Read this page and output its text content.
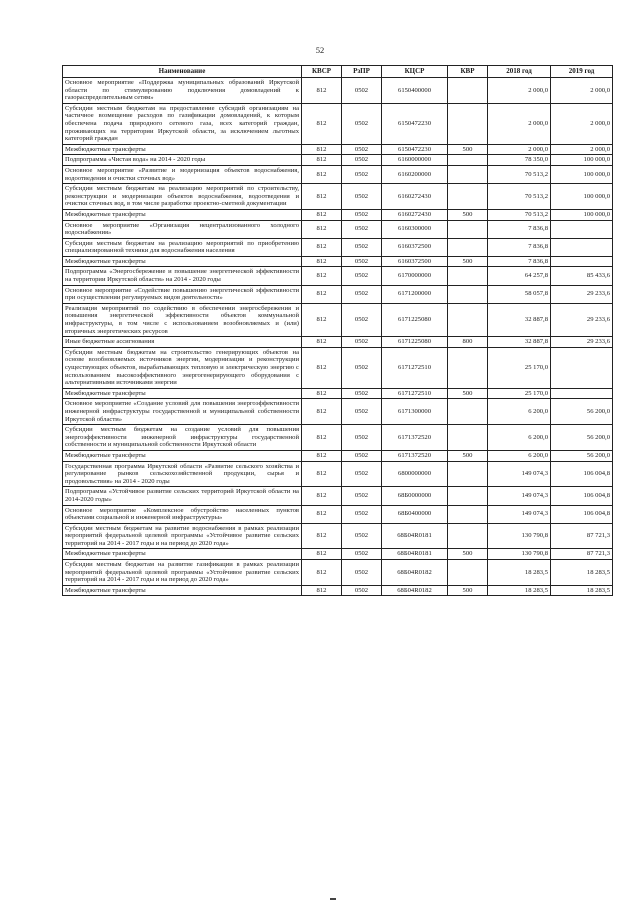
52
Наименование	КВСР	РзПР	КЦСР	КВР	2018 год	2019 год
Основное мероприятие «Поддержка муниципальных образований Иркутской области по стимулированию подключения домовладений к газораспределительным сетям»	812	0502	6150400000		2 000,0	2 000,0
Субсидии местным бюджетам на предоставление субсидий организациям на частичное возмещение расходов по газификации домовладений, к которым обеспечена подача природного сетевого газа, всех категорий граждан, проживающих на территории Иркутской области, за исключением льготных категорий граждан	812	0502	6150472230		2 000,0	2 000,0
Межбюджетные трансферты	812	0502	6150472230	500	2 000,0	2 000,0
Подпрограмма «Чистая вода» на 2014 - 2020 годы	812	0502	6160000000		78 350,0	100 000,0
Основное мероприятие «Развитие и модернизация объектов водоснабжения, водоотведения и очистки сточных вод»	812	0502	6160200000		70 513,2	100 000,0
Субсидии местным бюджетам на реализацию мероприятий по строительству, реконструкции и модернизации объектов водоснабжения, водоотведения и очистки сточных вод, в том числе разработке проектно-сметной документации	812	0502	6160272430		70 513,2	100 000,0
Межбюджетные трансферты	812	0502	6160272430	500	70 513,2	100 000,0
Основное мероприятие «Организация нецентрализованного холодного водоснабжения»	812	0502	6160300000		7 836,8	
Субсидии местным бюджетам на реализацию мероприятий по приобретению специализированной техники для водоснабжения населения	812	0502	6160372500		7 836,8	
Межбюджетные трансферты	812	0502	6160372500	500	7 836,8	
Подпрограмма «Энергосбережение и повышение энергетической эффективности на территории Иркутской области» на 2014 - 2020 годы	812	0502	6170000000		64 257,8	85 433,6
Основное мероприятие «Содействие повышению энергетической эффективности при осуществлении регулируемых видов деятельности»	812	0502	6171200000		58 057,8	29 233,6
Реализация мероприятий по содействию в обеспечении энергосбережения и повышения энергетической эффективности объектов коммунальной инфраструктуры, в том числе с использованием возобновляемых и (или) вторичных энергетических ресурсов	812	0502	6171225080		32 887,8	29 233,6
Иные бюджетные ассигнования	812	0502	6171225080	800	32 887,8	29 233,6
Субсидии местным бюджетам на строительство генерирующих объектов на основе возобновляемых источников энергии, модернизации и реконструкции существующих объектов, вырабатывающих тепловую и электрическую энергию с использованием высокоэффективного энергогенерирующего оборудования с альтернативными источниками энергии	812	0502	6171272510		25 170,0	
Межбюджетные трансферты	812	0502	6171272510	500	25 170,0	
Основное мероприятие «Создание условий для повышения энергоэффективности инженерной инфраструктуры государственной и муниципальной собственности Иркутской области»	812	0502	6171300000		6 200,0	56 200,0
Субсидии местным бюджетам на создание условий для повышения энергоэффективности инженерной инфраструктуры государственной собственности и муниципальной собственности Иркутской области	812	0502	6171372520		6 200,0	56 200,0
Межбюджетные трансферты	812	0502	6171372520	500	6 200,0	56 200,0
Государственная программа Иркутской области «Развитие сельского хозяйства и регулирование рынков сельскохозяйственной продукции, сырья и продовольствия» на 2014 - 2020 годы	812	0502	6800000000		149 074,3	106 004,8
Подпрограмма «Устойчивое развитие сельских территорий Иркутской области на 2014-2020 годы»	812	0502	68Б0000000		149 074,3	106 004,8
Основное мероприятие «Комплексное обустройство населенных пунктов объектами социальной и инженерной инфраструктуры»	812	0502	68Б0400000		149 074,3	106 004,8
Субсидии местным бюджетам на развитие водоснабжения в рамках реализации мероприятий федеральной целевой программы «Устойчивое развитие сельских территорий на 2014 - 2017 годы и на период до 2020 года»	812	0502	68Б04R0181		130 790,8	87 721,3
Межбюджетные трансферты	812	0502	68Б04R0181	500	130 790,8	87 721,3
Субсидии местным бюджетам на развитие газификации в рамках реализации мероприятий федеральной целевой программы «Устойчивое развитие сельских территорий на 2014 - 2017 годы и на период до 2020 года»	812	0502	68Б04R0182		18 283,5	18 283,5
Межбюджетные трансферты	812	0502	68Б04R0182	500	18 283,5	18 283,5
